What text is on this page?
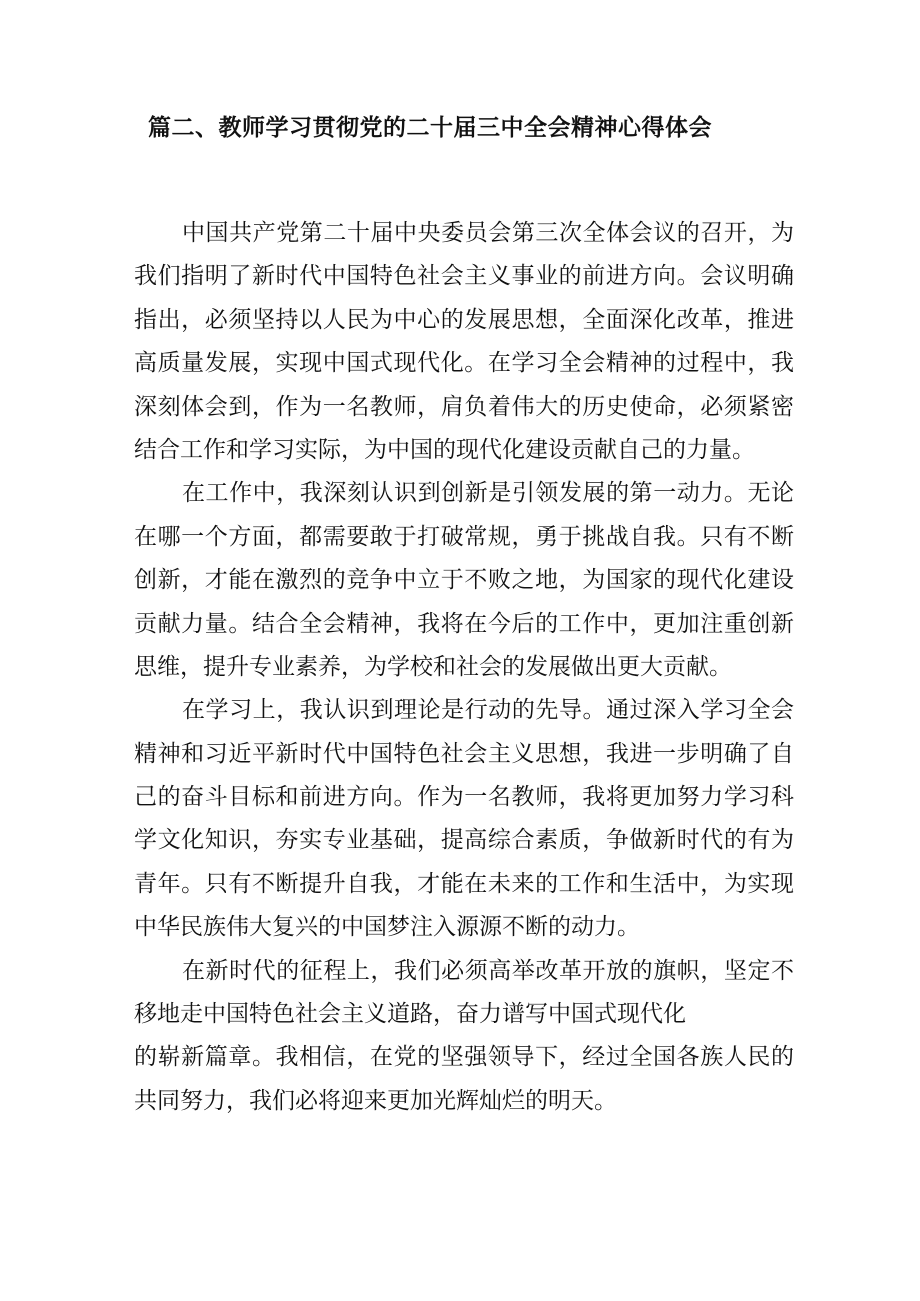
篇二、教师学习贯彻党的二十届三中全会精神心得体会
中国共产党第二十届中央委员会第三次全体会议的召开，为
我们指明了新时代中国特色社会主义事业的前进方向。会议明确
指出，必须坚持以人民为中心的发展思想，全面深化改革，推进
高质量发展，实现中国式现代化。在学习全会精神的过程中，我
深刻体会到，作为一名教师，肩负着伟大的历史使命，必须紧密
结合工作和学习实际，为中国的现代化建设贡献自己的力量。
在工作中，我深刻认识到创新是引领发展的第一动力。无论
在哪一个方面，都需要敢于打破常规，勇于挑战自我。只有不断
创新，才能在激烈的竞争中立于不败之地，为国家的现代化建设
贡献力量。结合全会精神，我将在今后的工作中，更加注重创新
思维，提升专业素养，为学校和社会的发展做出更大贡献。
在学习上，我认识到理论是行动的先导。通过深入学习全会
精神和习近平新时代中国特色社会主义思想，我进一步明确了自
己的奋斗目标和前进方向。作为一名教师，我将更加努力学习科
学文化知识，夯实专业基础，提高综合素质，争做新时代的有为
青年。只有不断提升自我，才能在未来的工作和生活中，为实现
中华民族伟大复兴的中国梦注入源源不断的动力。
在新时代的征程上，我们必须高举改革开放的旗帜，坚定不
移地走中国特色社会主义道路，奋力谱写中国式现代化
的崭新篇章。我相信，在党的坚强领导下，经过全国各族人民的
共同努力，我们必将迎来更加光辉灿烂的明天。
